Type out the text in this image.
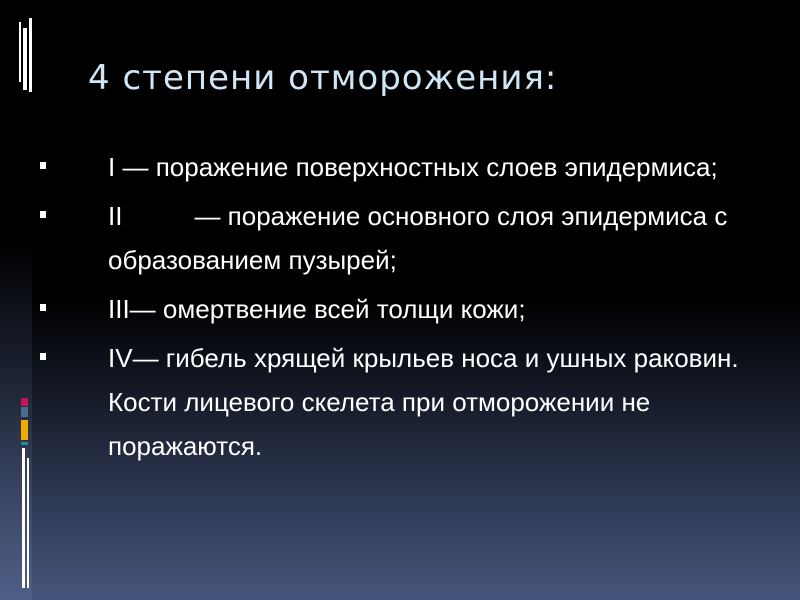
4 степени отморожения:
I — поражение поверхностных слоев эпидермиса;
II	— поражение основного слоя эпидермиса с образованием пузырей;
III— омертвение всей толщи кожи;
IV— гибель хрящей крыльев носа и ушных раковин. Кости лицевого скелета при отморожении не поражаются.
